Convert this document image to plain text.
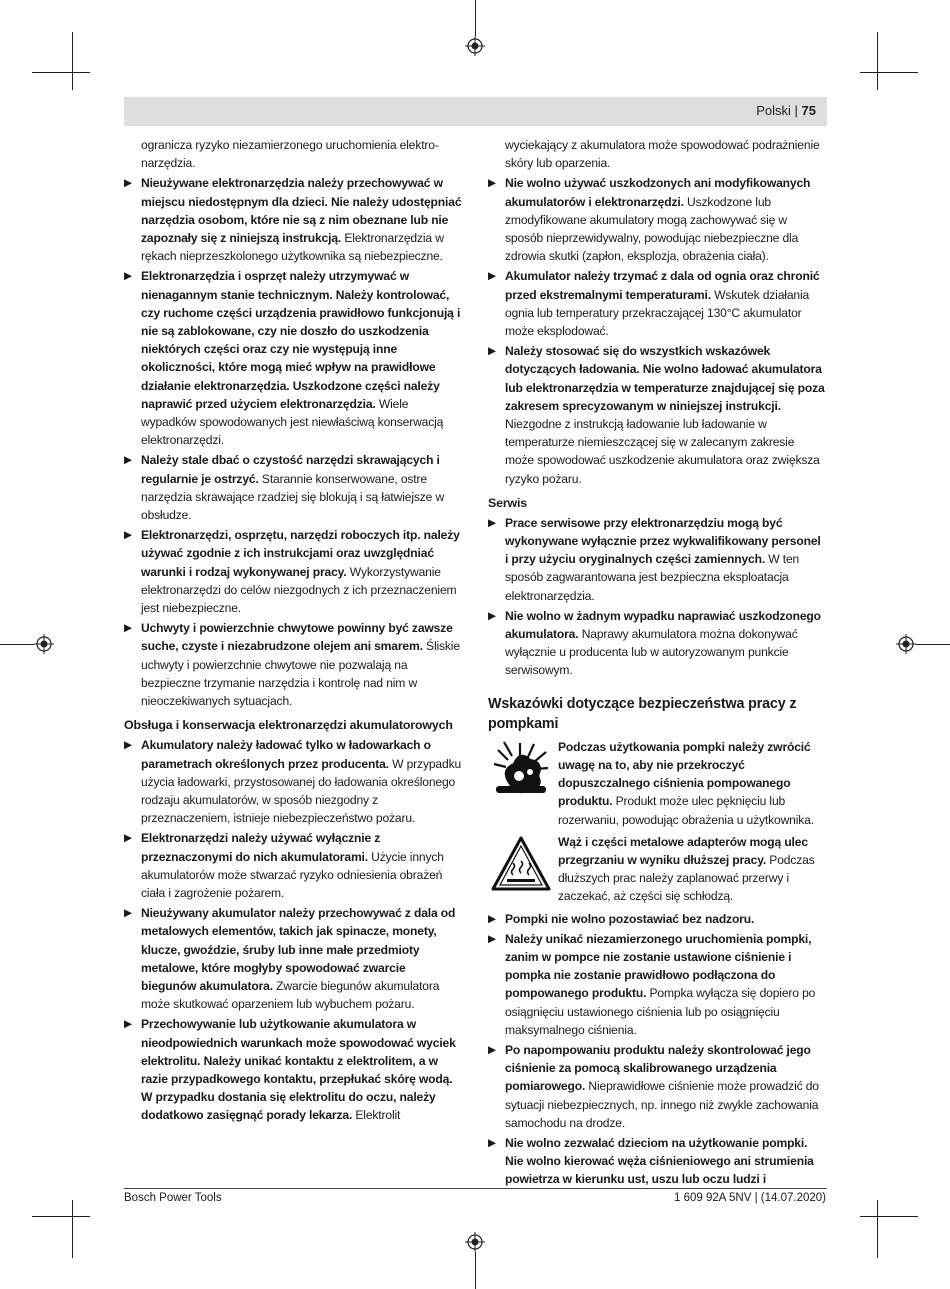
Polski | 75
ogranicza ryzyko niezamierzonego uruchomienia elektro-narzędzia.
▶ Nieużywane elektronarzędzia należy przechowywać w miejscu niedostępnym dla dzieci. Nie należy udostępniać narzędzia osobom, które nie są z nim obeznane lub nie zapoznały się z niniejszą instrukcją. Elektronarzędzia w rękach nieprzeszkolonego użytkownika są niebezpieczne.
▶ Elektronarzędzia i osprzęt należy utrzymywać w nienagannym stanie technicznym. Należy kontrolować, czy ruchome części urządzenia prawidłowo funkcjonują i nie są zablokowane, czy nie doszło do uszkodzenia niektórych części oraz czy nie występują inne okoliczności, które mogą mieć wpływ na prawidłowe działanie elektronarzędzia. Uszkodzone części należy naprawić przed użyciem elektronarzędzia. Wiele wypadków spowodowanych jest niewłaściwą konserwacją elektronarzędzi.
▶ Należy stale dbać o czystość narzędzi skrawających i regularnie je ostrzyć. Starannie konserwowane, ostre narzędzia skrawające rzadziej się blokują i są łatwiejsze w obsłudze.
▶ Elektronarzędzi, osprzętu, narzędzi roboczych itp. należy używać zgodnie z ich instrukcjami oraz uwzględniać warunki i rodzaj wykonywanej pracy. Wykorzystywanie elektronarzędzi do celów niezgodnych z ich przeznaczeniem jest niebezpieczne.
▶ Uchwyty i powierzchnie chwytowe powinny być zawsze suche, czyste i niezabrudzone olejem ani smarem. Śliskie uchwyty i powierzchnie chwytowe nie pozwalają na bezpieczne trzymanie narzędzia i kontrolę nad nim w nieoczekiwanych sytuacjach.
Obsługa i konserwacja elektronarzędzi akumulatorowych
▶ Akumulatory należy ładować tylko w ładowarkach o parametrach określonych przez producenta. W przypadku użycia ładowarki, przystosowanej do ładowania określonego rodzaju akumulatorów, w sposób niezgodny z przeznaczeniem, istnieje niebezpieczeństwo pożaru.
▶ Elektronarzędzi należy używać wyłącznie z przeznaczonymi do nich akumulatorami. Użycie innych akumulatorów może stwarzać ryzyko odniesienia obrażeń ciała i zagrożenie pożarem.
▶ Nieużywany akumulator należy przechowywać z dala od metalowych elementów, takich jak spinacze, monety, klucze, gwoździe, śruby lub inne małe przedmioty metalowe, które mogłyby spowodować zwarcie biegunów akumulatora. Zwarcie biegunów akumulatora może skutkować oparzeniem lub wybuchem pożaru.
▶ Przechowywanie lub użytkowanie akumulatora w nieodpowiednich warunkach może spowodować wyciek elektrolitu. Należy unikać kontaktu z elektrolitem, a w razie przypadkowego kontaktu, przepłukać skórę wodą. W przypadku dostania się elektrolitu do oczu, należy dodatkowo zasięgnąć porady lekarza. Elektrolit
wyciekający z akumulatora może spowodować podrażnienie skóry lub oparzenia.
▶ Nie wolno używać uszkodzonych ani modyfikowanych akumulatorów i elektronarzędzi. Uszkodzone lub zmodyfikowane akumulatory mogą zachowywać się w sposób nieprzewidywalny, powodując niebezpieczne dla zdrowia skutki (zapłon, eksplozja, obrażenia ciała).
▶ Akumulator należy trzymać z dala od ognia oraz chronić przed ekstremalnymi temperaturami. Wskutek działania ognia lub temperatury przekraczającej 130°C akumulator może eksplodować.
▶ Należy stosować się do wszystkich wskazówek dotyczących ładowania. Nie wolno ładować akumulatora lub elektronarzędzia w temperaturze znajdującej się poza zakresem sprecyzowanym w niniejszej instrukcji. Niezgodne z instrukcją ładowanie lub ładowanie w temperaturze niemieszczącej się w zalecanym zakresie może spowodować uszkodzenie akumulatora oraz zwiększa ryzyko pożaru.
Serwis
▶ Prace serwisowe przy elektronarzędziu mogą być wykonywane wyłącznie przez wykwalifikowany personel i przy użyciu oryginalnych części zamiennych. W ten sposób zagwarantowana jest bezpieczna eksploatacja elektronarzędzia.
▶ Nie wolno w żadnym wypadku naprawiać uszkodzonego akumulatora. Naprawy akumulatora można dokonywać wyłącznie u producenta lub w autoryzowanym punkcie serwisowym.
Wskazówki dotyczące bezpieczeństwa pracy z pompkami
Podczas użytkowania pompki należy zwrócić uwagę na to, aby nie przekroczyć dopuszczalnego ciśnienia pompowanego produktu. Produkt może ulec pęknięciu lub rozerwaniu, powodując obrażenia u użytkownika.
Wąż i części metalowe adapterów mogą ulec przegrzaniu w wyniku dłuższej pracy. Podczas dłuższych prac należy zaplanować przerwy i zaczekać, aż części się schłodzą.
▶ Pompki nie wolno pozostawiać bez nadzoru.
▶ Należy unikać niezamierzonego uruchomienia pompki, zanim w pompce nie zostanie ustawione ciśnienie i pompka nie zostanie prawidłowo podłączona do pompowanego produktu. Pompka wyłącza się dopiero po osiągnięciu ustawionego ciśnienia lub po osiągnięciu maksymalnego ciśnienia.
▶ Po napompowaniu produktu należy skontrolować jego ciśnienie za pomocą skalibrowanego urządzenia pomiarowego. Nieprawidłowe ciśnienie może prowadzić do sytuacji niebezpiecznych, np. innego niż zwykle zachowania samochodu na drodze.
▶ Nie wolno zezwalać dzieciom na użytkowanie pompki. Nie wolno kierować węża ciśnieniowego ani strumienia powietrza w kierunku ust, uszu lub oczu ludzi i
Bosch Power Tools	1 609 92A 5NV | (14.07.2020)
